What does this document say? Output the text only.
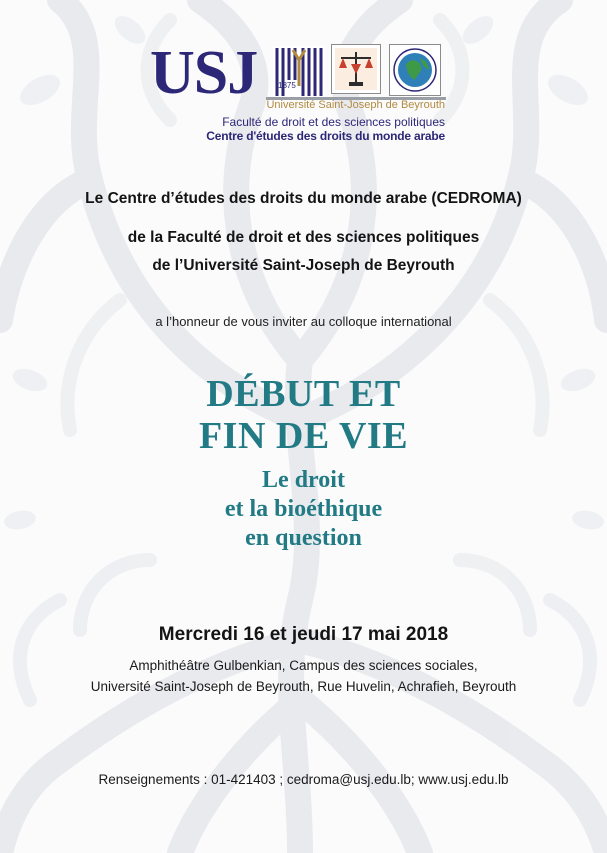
USJ	1875
Université Saint-Joseph de Beyrouth
Faculté de droit et des sciences politiques
Centre d'études des droits du monde arabe
Le Centre d’études des droits du monde arabe (CEDROMA)
de la Faculté de droit et des sciences politiques
de l’Université Saint-Joseph de Beyrouth
a l’honneur de vous inviter au colloque international
DÉBUT ET
FIN DE VIE
Le droit
et la bioéthique
en question
Mercredi 16 et jeudi 17 mai 2018
Amphithéâtre Gulbenkian, Campus des sciences sociales,
Université Saint-Joseph de Beyrouth, Rue Huvelin, Achrafieh, Beyrouth
Renseignements : 01-421403 ; cedroma@usj.edu.lb; www.usj.edu.lb
